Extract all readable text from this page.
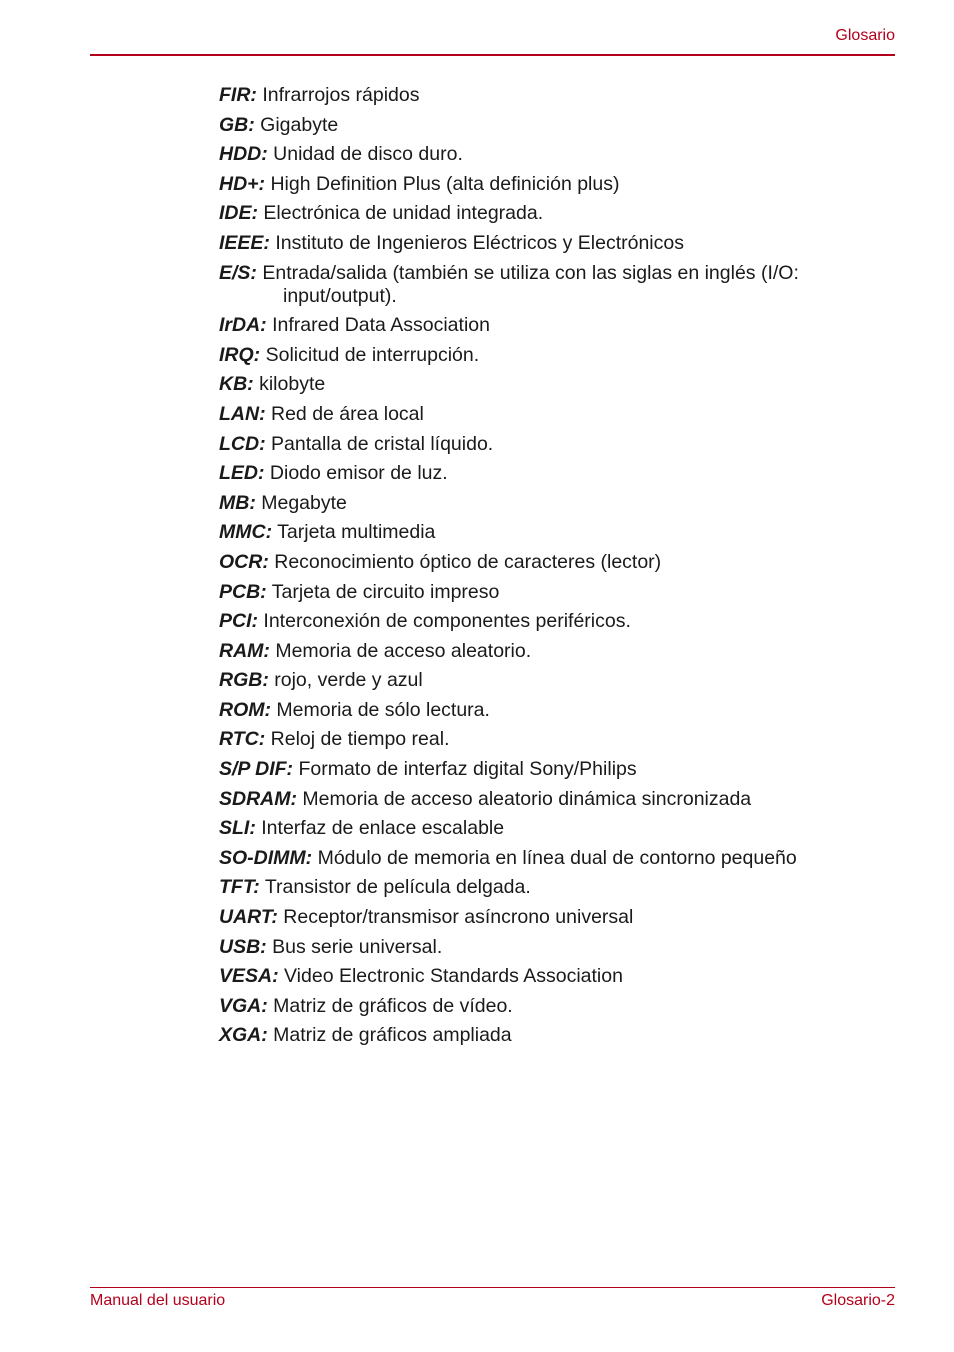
Glosario
FIR: Infrarrojos rápidos
GB: Gigabyte
HDD: Unidad de disco duro.
HD+: High Definition Plus (alta definición plus)
IDE: Electrónica de unidad integrada.
IEEE: Instituto de Ingenieros Eléctricos y Electrónicos
E/S: Entrada/salida (también se utiliza con las siglas en inglés (I/O: input/output).
IrDA: Infrared Data Association
IRQ: Solicitud de interrupción.
KB: kilobyte
LAN: Red de área local
LCD: Pantalla de cristal líquido.
LED: Diodo emisor de luz.
MB: Megabyte
MMC: Tarjeta multimedia
OCR: Reconocimiento óptico de caracteres (lector)
PCB: Tarjeta de circuito impreso
PCI: Interconexión de componentes periféricos.
RAM: Memoria de acceso aleatorio.
RGB: rojo, verde y azul
ROM: Memoria de sólo lectura.
RTC: Reloj de tiempo real.
S/P DIF: Formato de interfaz digital Sony/Philips
SDRAM: Memoria de acceso aleatorio dinámica sincronizada
SLI: Interfaz de enlace escalable
SO-DIMM: Módulo de memoria en línea dual de contorno pequeño
TFT: Transistor de película delgada.
UART: Receptor/transmisor asíncrono universal
USB: Bus serie universal.
VESA: Video Electronic Standards Association
VGA: Matriz de gráficos de vídeo.
XGA: Matriz de gráficos ampliada
Manual del usuario	Glosario-2
